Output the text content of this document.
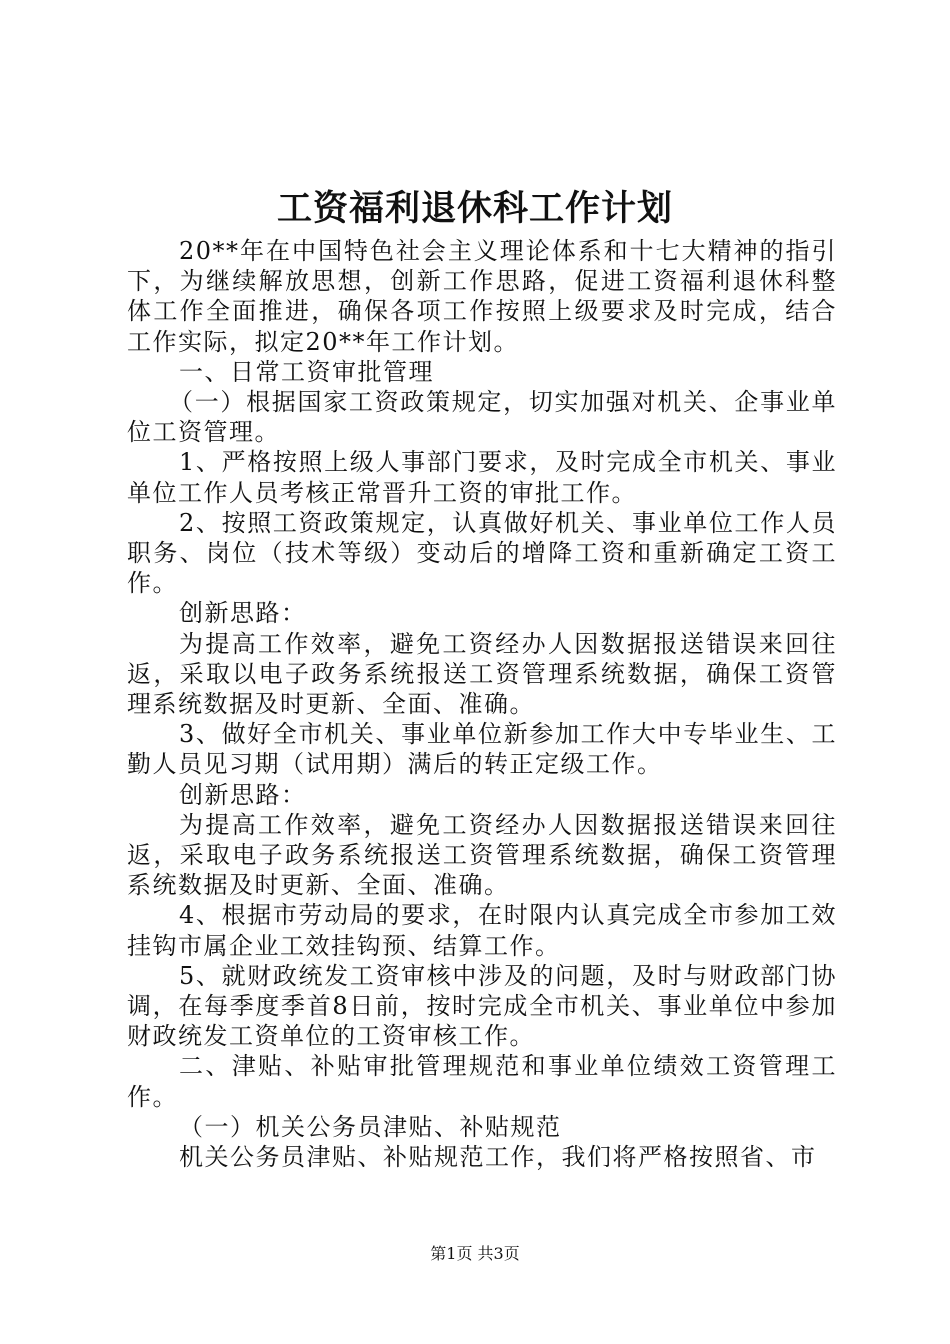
工资福利退休科工作计划

20**年在中国特色社会主义理论体系和十七大精神的指引下，为继续解放思想，创新工作思路，促进工资福利退休科整体工作全面推进，确保各项工作按照上级要求及时完成，结合工作实际，拟定20**年工作计划。

一、日常工资审批管理

（一）根据国家工资政策规定，切实加强对机关、企事业单位工资管理。

1、严格按照上级人事部门要求，及时完成全市机关、事业单位工作人员考核正常晋升工资的审批工作。

2、按照工资政策规定，认真做好机关、事业单位工作人员职务、岗位（技术等级）变动后的增降工资和重新确定工资工作。

创新思路：

为提高工作效率，避免工资经办人因数据报送错误来回往返，采取以电子政务系统报送工资管理系统数据，确保工资管理系统数据及时更新、全面、准确。

3、做好全市机关、事业单位新参加工作大中专毕业生、工勤人员见习期（试用期）满后的转正定级工作。

创新思路：

为提高工作效率，避免工资经办人因数据报送错误来回往返，采取电子政务系统报送工资管理系统数据，确保工资管理系统数据及时更新、全面、准确。

4、根据市劳动局的要求，在时限内认真完成全市参加工效挂钩市属企业工效挂钩预、结算工作。

5、就财政统发工资审核中涉及的问题，及时与财政部门协调，在每季度季首8日前，按时完成全市机关、事业单位中参加财政统发工资单位的工资审核工作。

二、津贴、补贴审批管理规范和事业单位绩效工资管理工作。

（一）机关公务员津贴、补贴规范

机关公务员津贴、补贴规范工作，我们将严格按照省、市

第1页 共3页
